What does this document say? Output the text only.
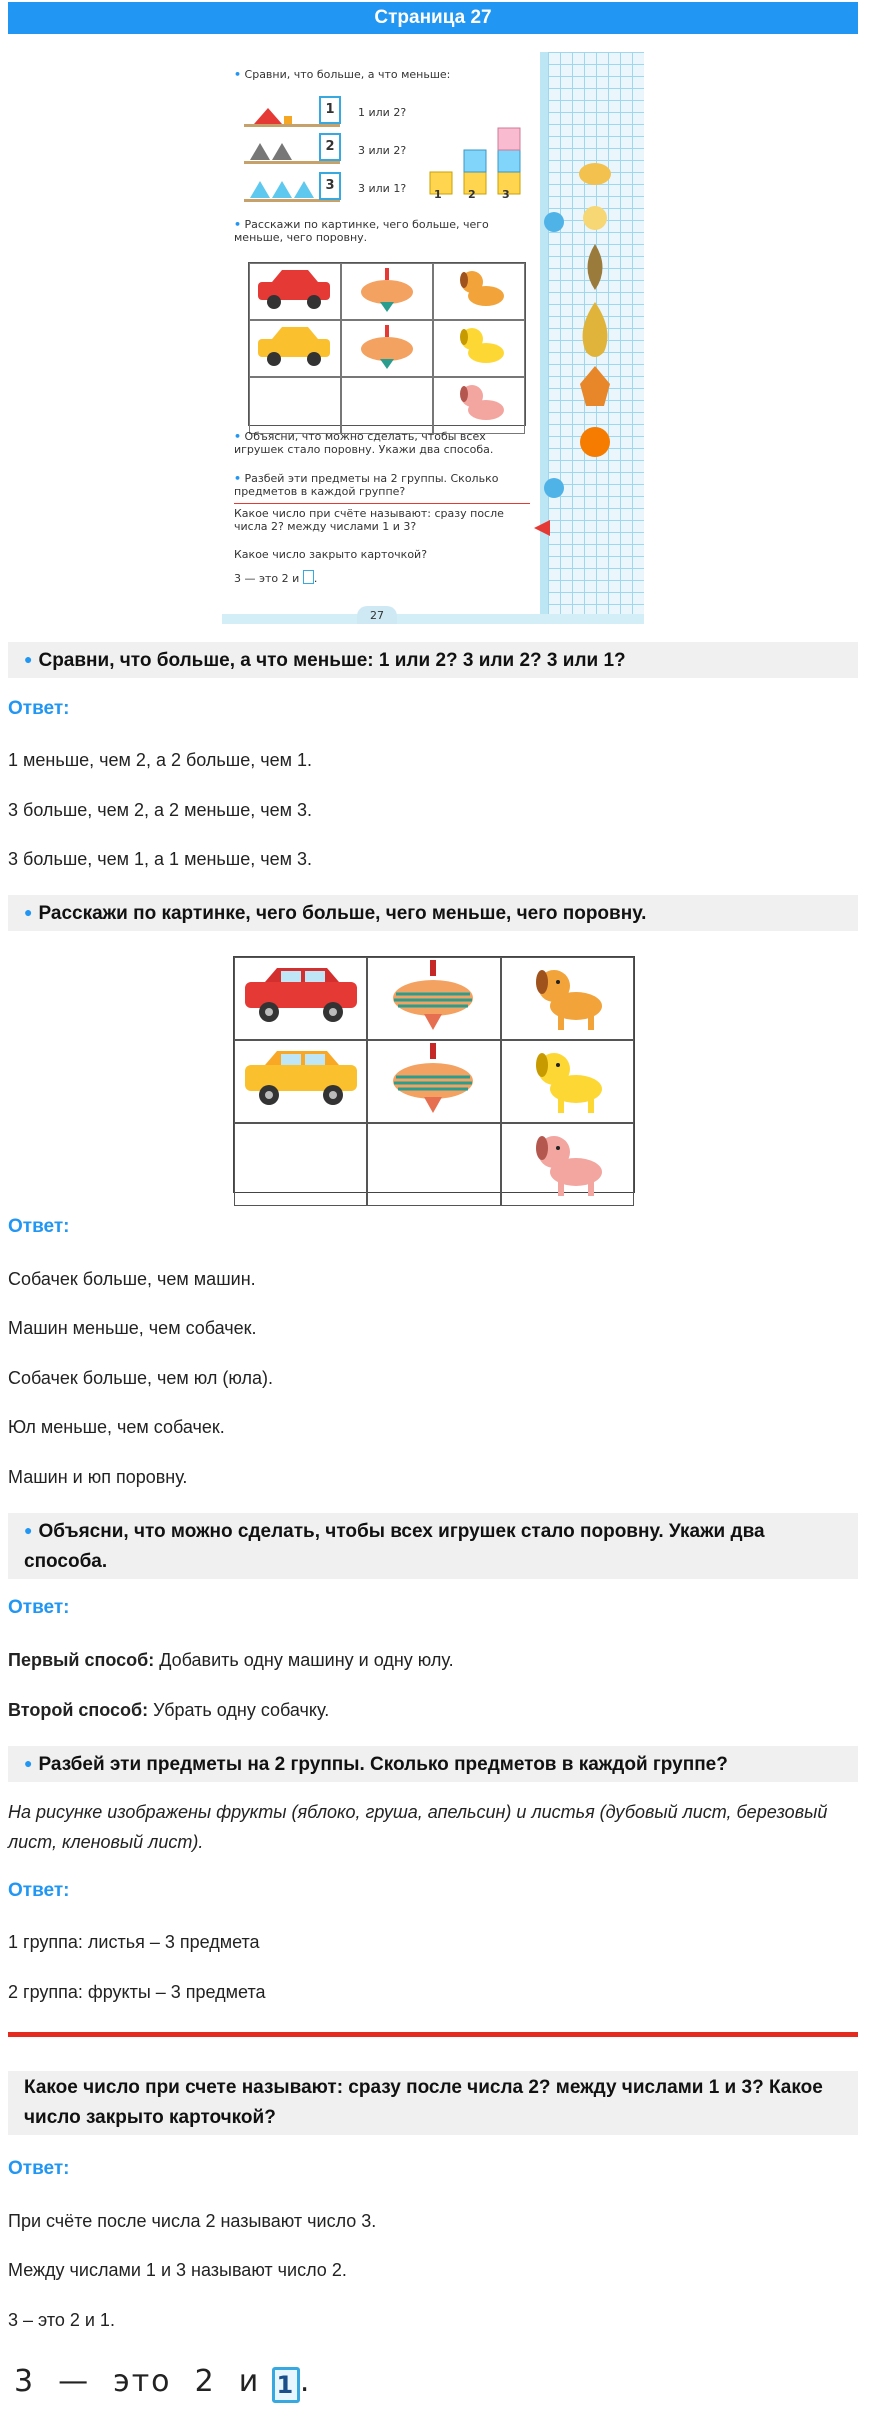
Страница 27
• Сравни, что больше, а что меньше:
1	1 или 2?
2	3 или 2?
3	3 или 1?	1	2	3
• Расскажи по картинке, чего больше, чего меньше, чего поровну.
• Объясни, что можно сделать, чтобы всех игрушек стало поровну. Укажи два способа.
• Разбей эти предметы на 2 группы. Сколько предметов в каждой группе?
Какое число при счёте называют: сразу после числа 2? между числами 1 и 3?
Какое число закрыто карточкой?
3 — это 2 и .
27
● Сравни, что больше, а что меньше: 1 или 2? 3 или 2? 3 или 1?
Ответ:
1 меньше, чем 2, а 2 больше, чем 1.
3 больше, чем 2, а 2 меньше, чем 3.
3 больше, чем 1, а 1 меньше, чем 3.
● Расскажи по картинке, чего больше, чего меньше, чего поровну.
Ответ:
Собачек больше, чем машин.
Машин меньше, чем собачек.
Собачек больше, чем юл (юла).
Юл меньше, чем собачек.
Машин и юп поровну.
● Объясни, что можно сделать, чтобы всех игрушек стало поровну. Укажи два способа.
Ответ:
Первый способ: Добавить одну машину и одну юлу.
Второй способ: Убрать одну собачку.
● Разбей эти предметы на 2 группы. Сколько предметов в каждой группе?
На рисунке изображены фрукты (яблоко, груша, апельсин) и листья (дубовый лист, березовый лист, кленовый лист).
Ответ:
1 группа: листья – 3 предмета
2 группа: фрукты – 3 предмета
Какое число при счете называют: сразу после числа 2? между числами 1 и 3? Какое число закрыто карточкой?
Ответ:
При счёте после числа 2 называют число 3.
Между числами 1 и 3 называют число 2.
3 – это 2 и 1.
3  —  это  2  и 1 .
